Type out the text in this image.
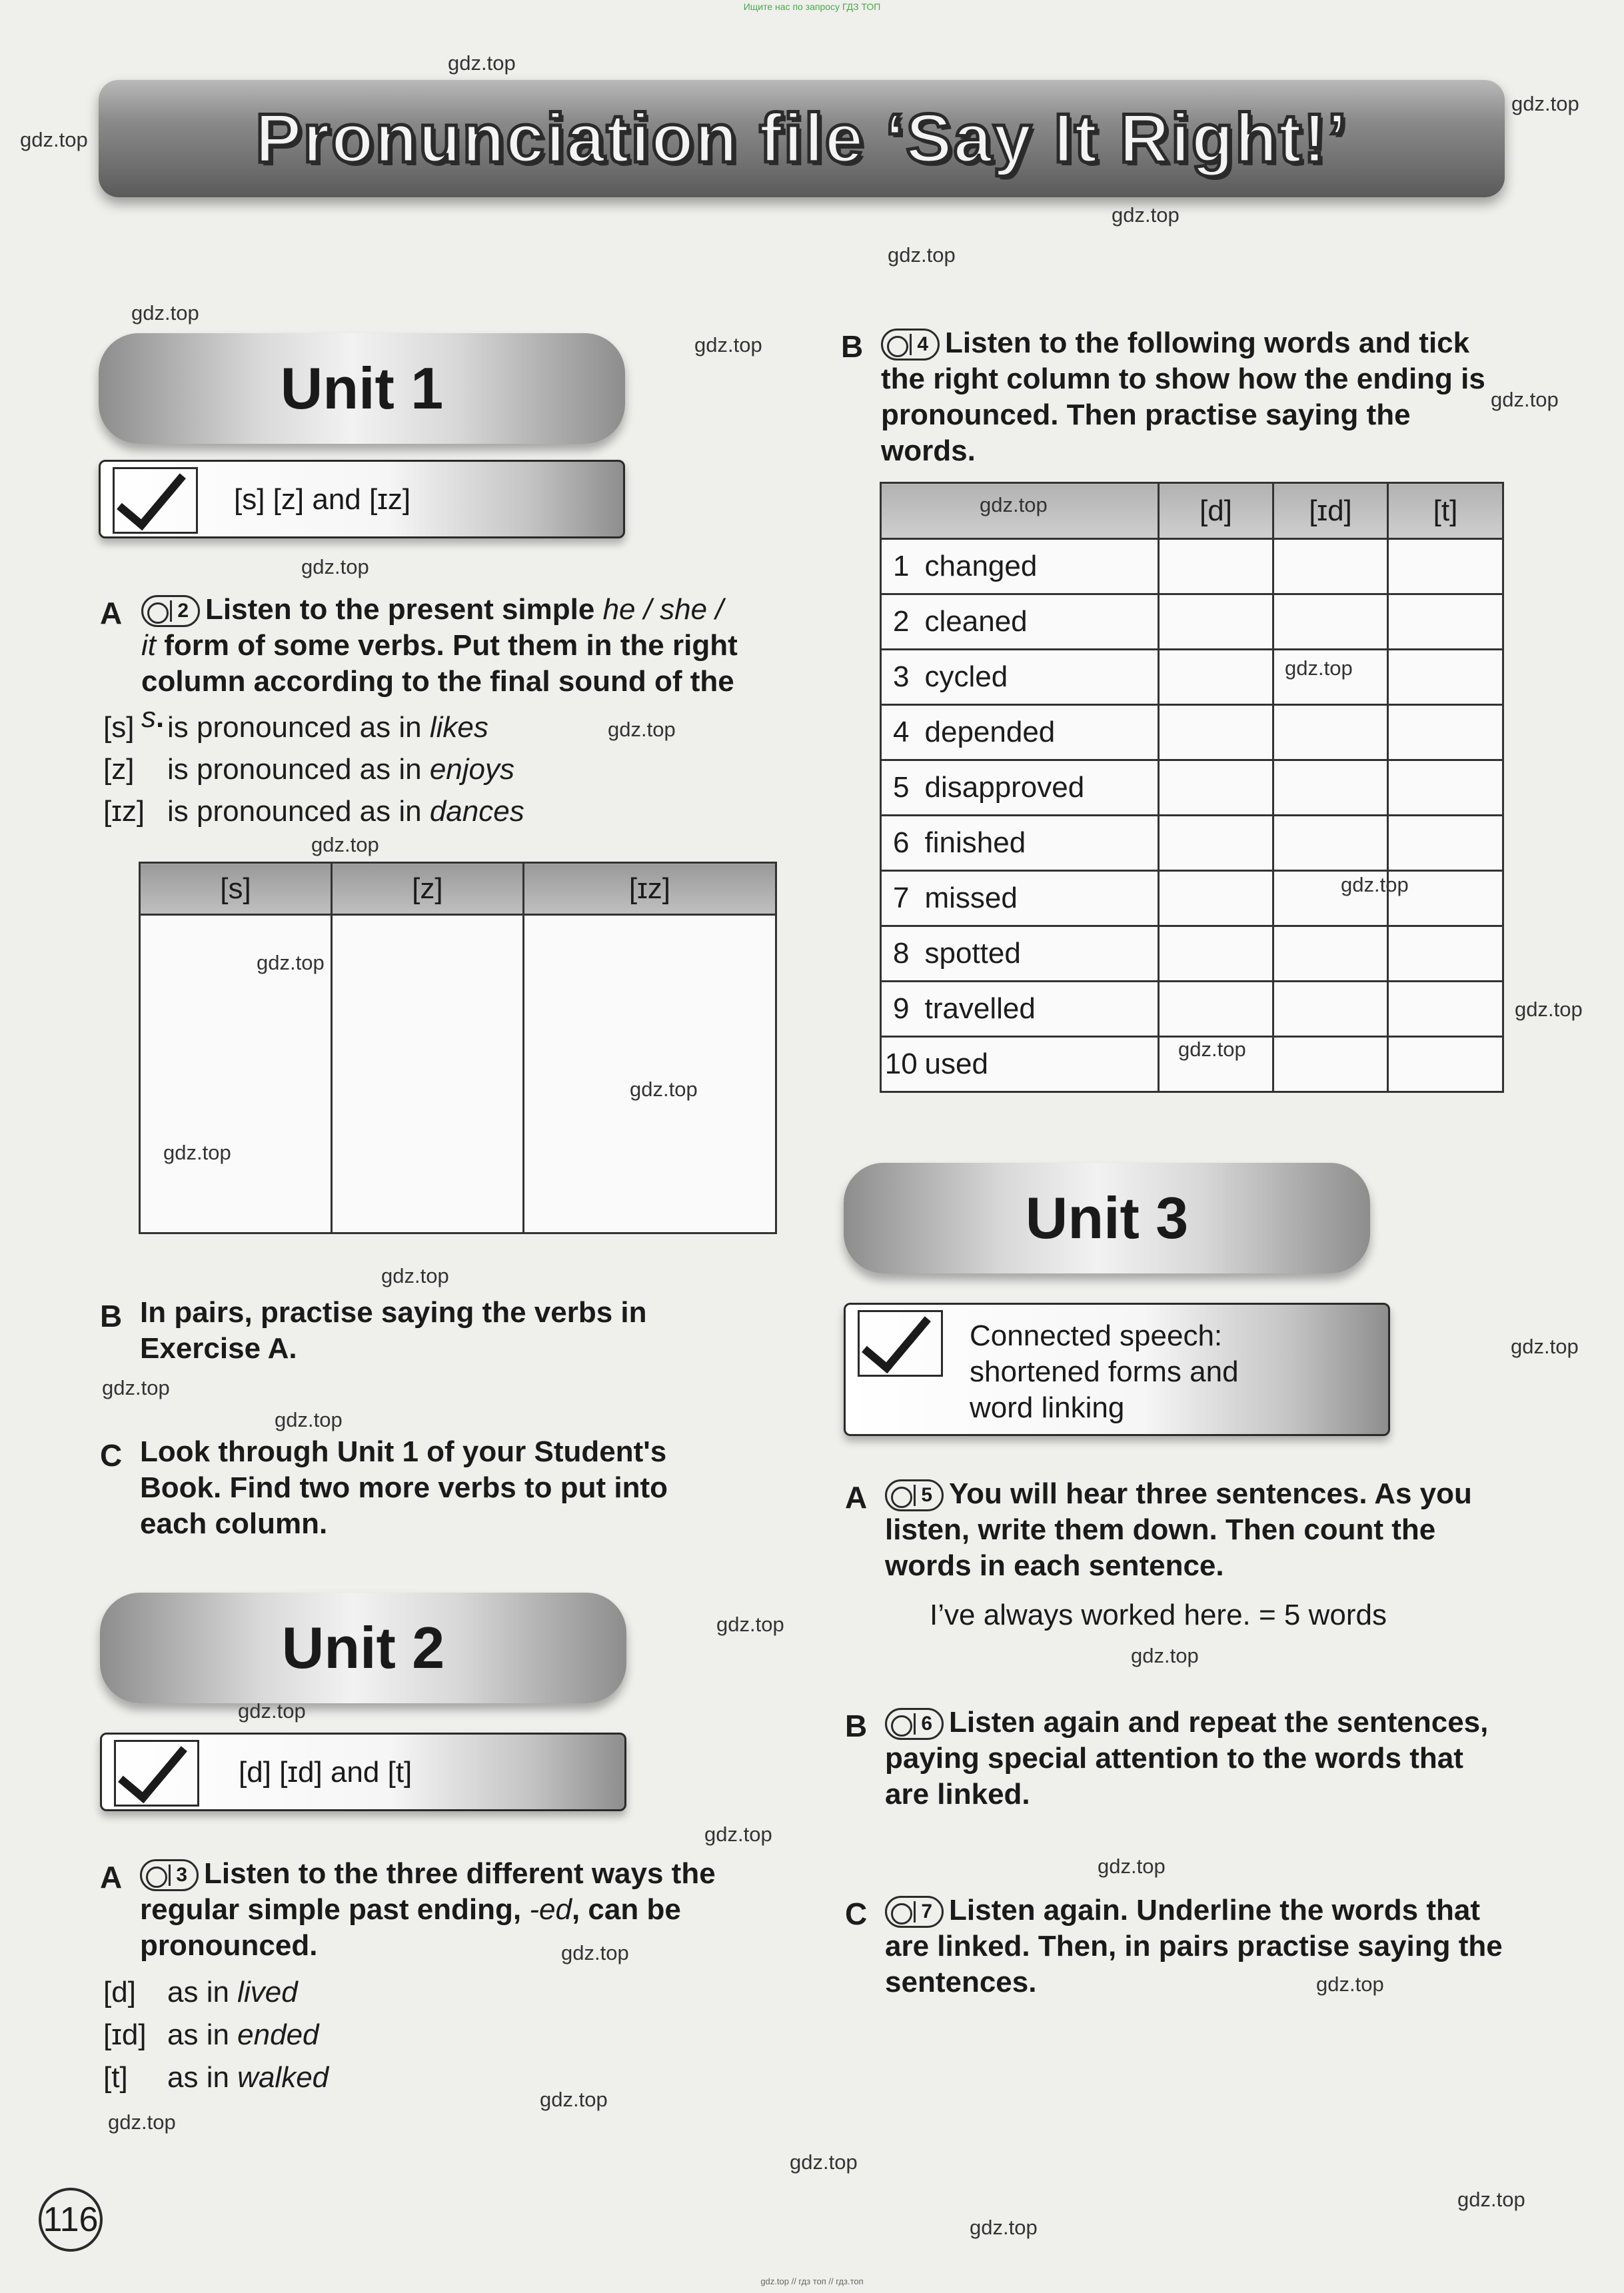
Ищите нас по запросу ГДЗ ТОП
Pronunciation file ‘Say It Right!’
Unit 1
[s] [z] and [ɪz]
A	2 Listen to the present simple he / she /
it form of some verbs. Put them in the right column according to the final sound of the s.
[s] is pronounced as in likes
[z] is pronounced as in enjoys
[ɪz] is pronounced as in dances
[s]	[z]	[ɪz]

B In pairs, practise saying the verbs in Exercise A.
C Look through Unit 1 of your Student's Book. Find two more verbs to put into each column.
Unit 2
[d] [ɪd] and [t]
A	3 Listen to the three different ways the regular simple past ending, -ed, can be pronounced.
[d] as in lived
[ɪd] as in ended
[t] as in walked
116
B	4 Listen to the following words and tick the right column to show how the ending is pronounced. Then practise saying the words.
		[d]	[ɪd]	[t]
1	changed			
2	cleaned			
3	cycled			
4	depended			
5	disapproved			
6	finished			
7	missed			
8	spotted			
9	travelled			
10	used			
Unit 3
Connected speech:
shortened forms and
word linking
A	5 You will hear three sentences. As you listen, write them down. Then count the words in each sentence.
I’ve always worked here. = 5 words
B	6 Listen again and repeat the sentences, paying special attention to the words that are linked.
C	7 Listen again. Underline the words that are linked. Then, in pairs practise saying the sentences.
gdz.top
gdz.top
gdz.top
gdz.top
gdz.top
gdz.top
gdz.top
gdz.top
gdz.top
gdz.top
gdz.top
gdz.top
gdz.top
gdz.top
gdz.top
gdz.top
gdz.top
gdz.top
gdz.top
gdz.top
gdz.top
gdz.top
gdz.top
gdz.top
gdz.top
gdz.top
gdz.top
gdz.top
gdz.top
gdz.top
gdz.top
gdz.top
gdz.top
gdz.top
gdz.top
gdz.top // гдз топ // гдз.топ
